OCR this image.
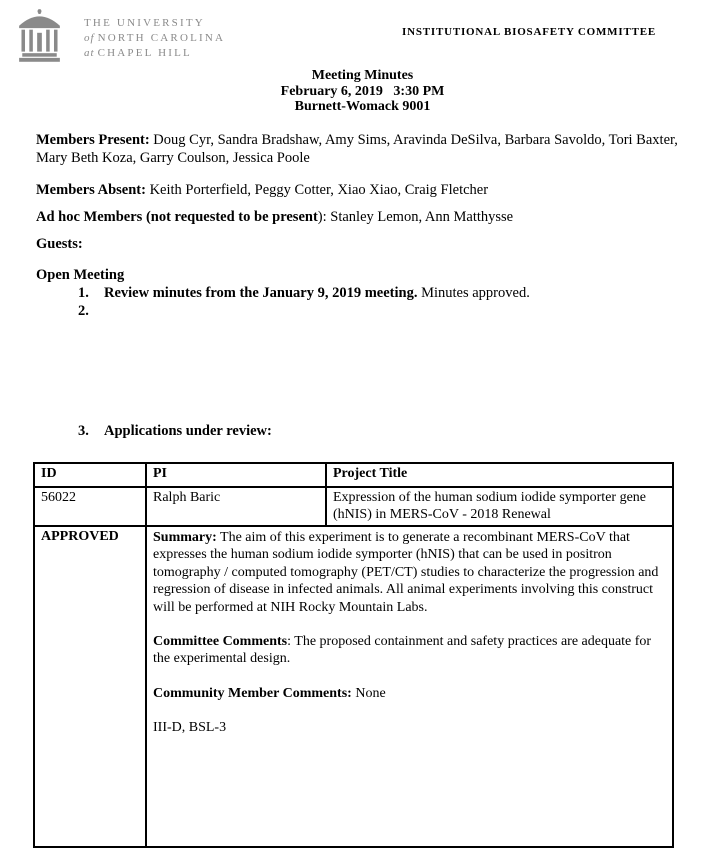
THE UNIVERSITY
of NORTH CAROLINA
at CHAPEL HILL
INSTITUTIONAL BIOSAFETY COMMITTEE
Meeting Minutes
February 6, 2019   3:30 PM
Burnett-Womack 9001
Members Present: Doug Cyr, Sandra Bradshaw, Amy Sims, Aravinda DeSilva, Barbara Savoldo, Tori Baxter, Mary Beth Koza, Garry Coulson, Jessica Poole
Members Absent: Keith Porterfield, Peggy Cotter, Xiao Xiao, Craig Fletcher
Ad hoc Members (not requested to be present): Stanley Lemon, Ann Matthysse
Guests:
Open Meeting
1. Review minutes from the January 9, 2019 meeting. Minutes approved.
2.
3. Applications under review:
ID	PI	Project Title
56022	Ralph Baric	Expression of the human sodium iodide symporter gene (hNIS) in MERS-CoV - 2018 Renewal
APPROVED	Summary: The aim of this experiment is to generate a recombinant MERS-CoV that expresses the human sodium iodide symporter (hNIS) that can be used in positron tomography / computed tomography (PET/CT) studies to characterize the progression and regression of disease in infected animals. All animal experiments involving this construct will be performed at NIH Rocky Mountain Labs.

Committee Comments: The proposed containment and safety practices are adequate for the experimental design.

Community Member Comments: None

III-D, BSL-3	
